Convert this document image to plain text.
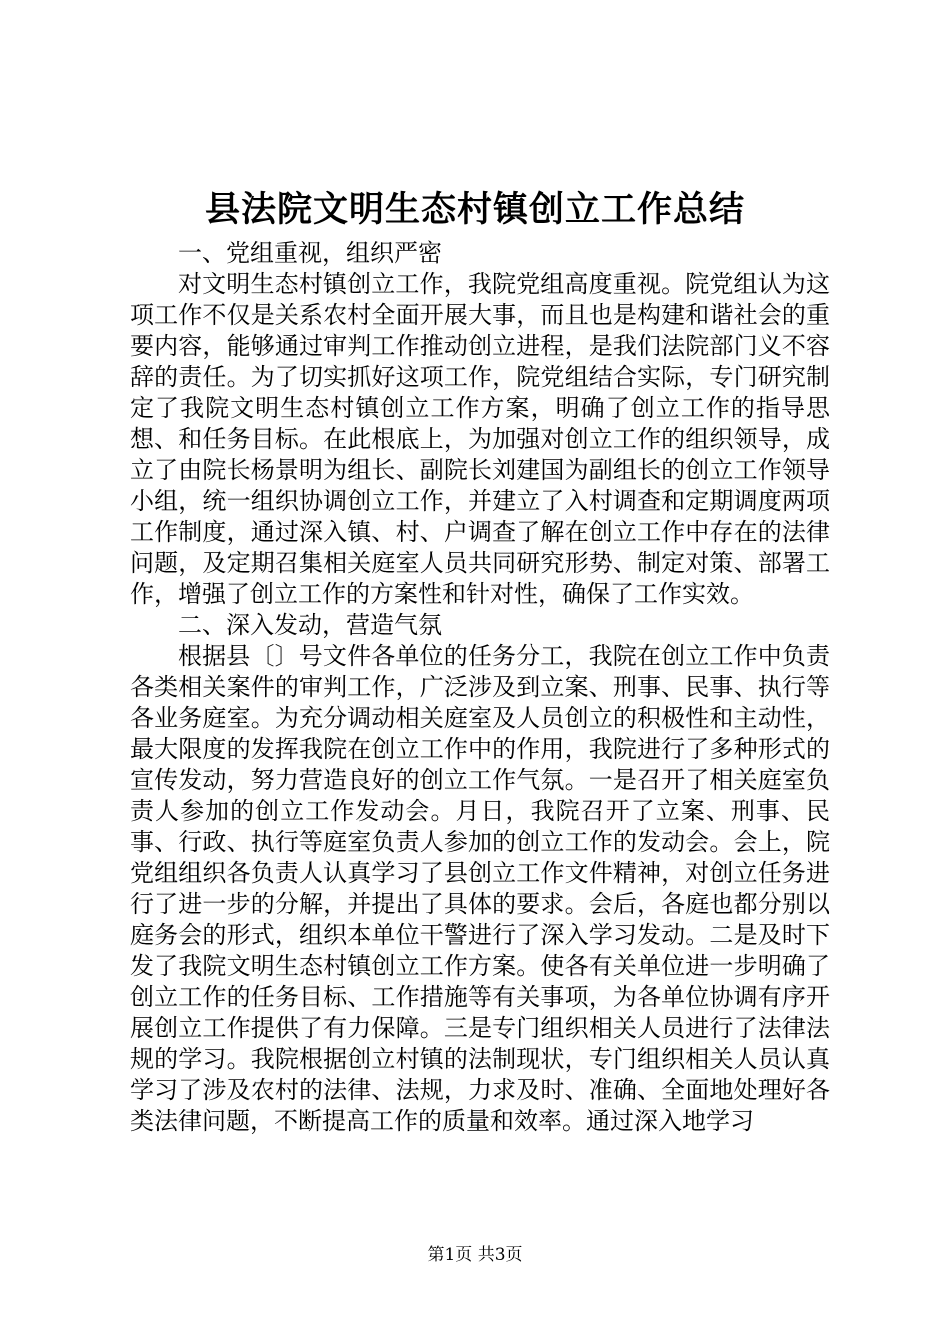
县法院文明生态村镇创立工作总结

一、党组重视，组织严密

对文明生态村镇创立工作，我院党组高度重视。院党组认为这项工作不仅是关系农村全面开展大事，而且也是构建和谐社会的重要内容，能够通过审判工作推动创立进程，是我们法院部门义不容辞的责任。为了切实抓好这项工作，院党组结合实际，专门研究制定了我院文明生态村镇创立工作方案，明确了创立工作的指导思想、和任务目标。在此根底上，为加强对创立工作的组织领导，成立了由院长杨景明为组长、副院长刘建国为副组长的创立工作领导小组，统一组织协调创立工作，并建立了入村调查和定期调度两项工作制度，通过深入镇、村、户调查了解在创立工作中存在的法律问题，及定期召集相关庭室人员共同研究形势、制定对策、部署工作，增强了创立工作的方案性和针对性，确保了工作实效。

二、深入发动，营造气氛

根据县〔〕号文件各单位的任务分工，我院在创立工作中负责各类相关案件的审判工作，广泛涉及到立案、刑事、民事、执行等各业务庭室。为充分调动相关庭室及人员创立的积极性和主动性，最大限度的发挥我院在创立工作中的作用，我院进行了多种形式的宣传发动，努力营造良好的创立工作气氛。一是召开了相关庭室负责人参加的创立工作发动会。月日，我院召开了立案、刑事、民事、行政、执行等庭室负责人参加的创立工作的发动会。会上，院党组组织各负责人认真学习了县创立工作文件精神，对创立任务进行了进一步的分解，并提出了具体的要求。会后，各庭也都分别以庭务会的形式，组织本单位干警进行了深入学习发动。二是及时下发了我院文明生态村镇创立工作方案。使各有关单位进一步明确了创立工作的任务目标、工作措施等有关事项，为各单位协调有序开展创立工作提供了有力保障。三是专门组织相关人员进行了法律法规的学习。我院根据创立村镇的法制现状，专门组织相关人员认真学习了涉及农村的法律、法规，力求及时、准确、全面地处理好各类法律问题，不断提高工作的质量和效率。通过深入地学习

第1页 共3页
